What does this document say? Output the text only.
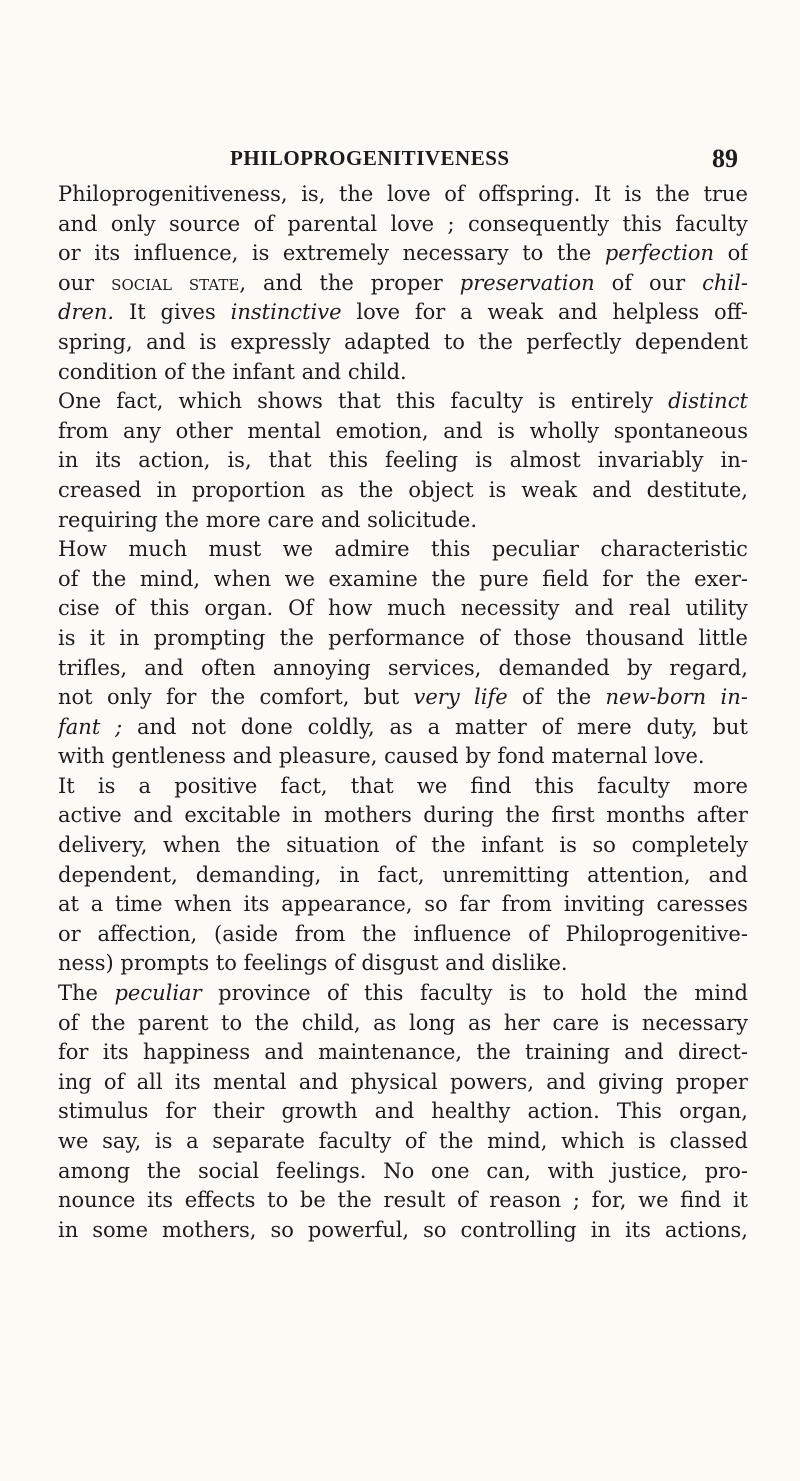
PHILOPROGENITIVENESS	89
Philoprogenitiveness, is, the love of offspring. It is the true
and only source of parental love ; consequently this faculty
or its influence, is extremely necessary to the perfection of
our social state, and the proper preservation of our chil-
dren. It gives instinctive love for a weak and helpless off-
spring, and is expressly adapted to the perfectly dependent
condition of the infant and child.
One fact, which shows that this faculty is entirely distinct
from any other mental emotion, and is wholly spontaneous
in its action, is, that this feeling is almost invariably in-
creased in proportion as the object is weak and destitute,
requiring the more care and solicitude.
How much must we admire this peculiar characteristic
of the mind, when we examine the pure field for the exer-
cise of this organ. Of how much necessity and real utility
is it in prompting the performance of those thousand little
trifles, and often annoying services, demanded by regard,
not only for the comfort, but very life of the new-born in-
fant ; and not done coldly, as a matter of mere duty, but
with gentleness and pleasure, caused by fond maternal love.
It is a positive fact, that we find this faculty more
active and excitable in mothers during the first months after
delivery, when the situation of the infant is so completely
dependent, demanding, in fact, unremitting attention, and
at a time when its appearance, so far from inviting caresses
or affection, (aside from the influence of Philoprogenitive-
ness) prompts to feelings of disgust and dislike.
The peculiar province of this faculty is to hold the mind
of the parent to the child, as long as her care is necessary
for its happiness and maintenance, the training and direct-
ing of all its mental and physical powers, and giving proper
stimulus for their growth and healthy action. This organ,
we say, is a separate faculty of the mind, which is classed
among the social feelings. No one can, with justice, pro-
nounce its effects to be the result of reason ; for, we find it
in some mothers, so powerful, so controlling in its actions,
